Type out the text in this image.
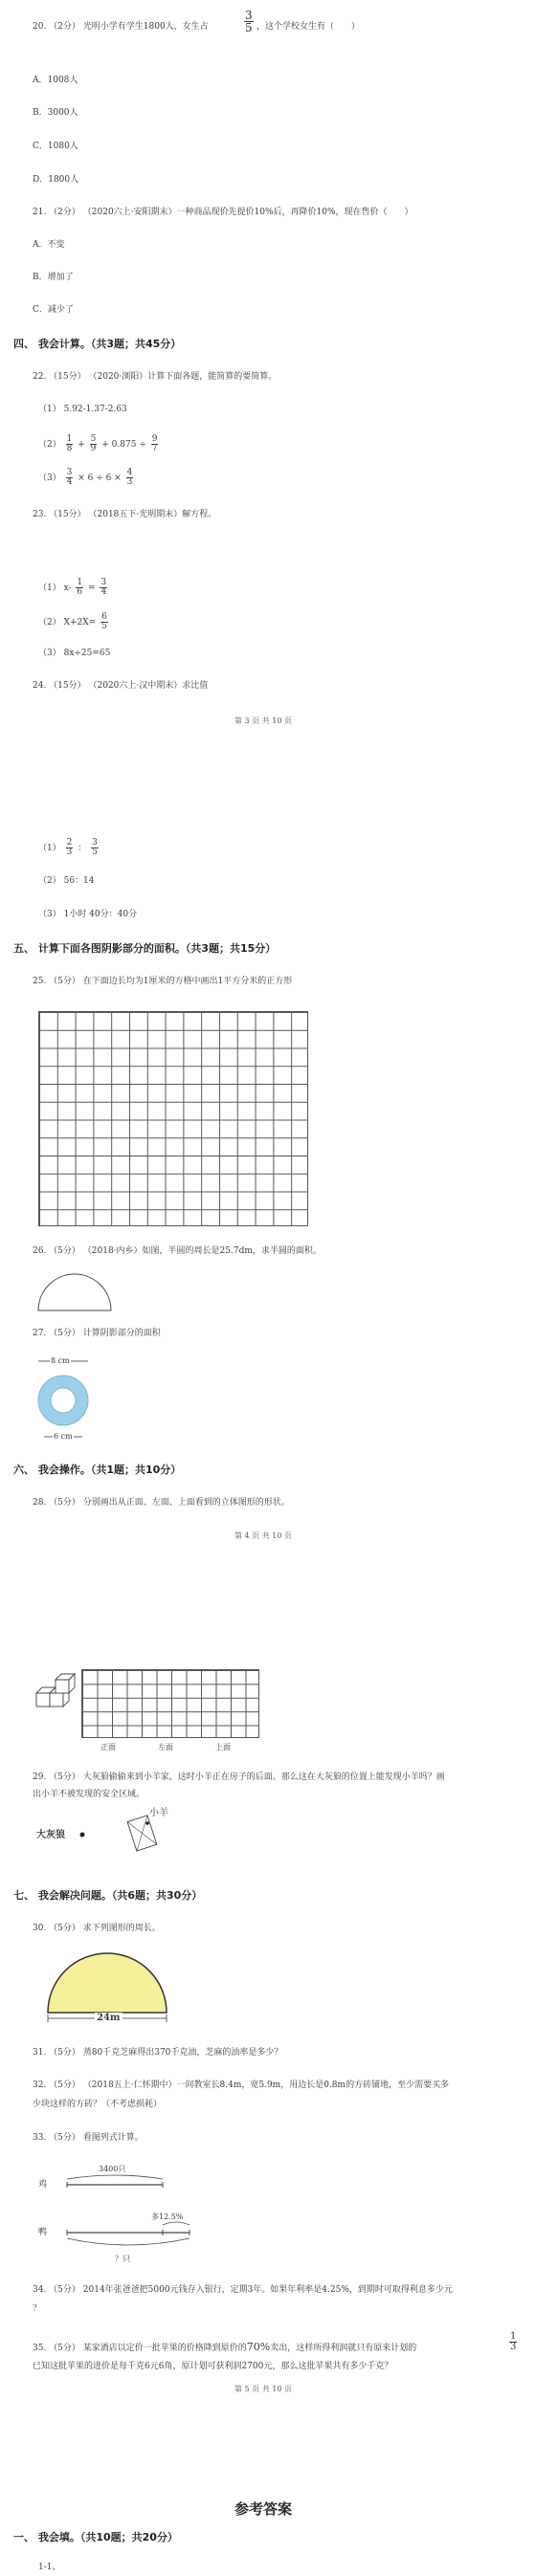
20. （2分） 光明小学有学生1800人，女生占
3
5 ，这个学校女生有（　　）
A．1008人
B．3000人
C．1080人
D．1800人
21. （2分） （2020六上·安阳期末）一种商品现价先提价10%后，再降价10%，现在售价（　　）
A．不变
B．增加了
C．减少了
四、 我会计算。（共3题；共45分）
22. （15分） （2020·浏阳）计算下面各题，能简算的要简算。
（1） 5.92-1.37-2.63
$(2) \frac{1}{8} + \frac{5}{9} + 0.875 \div \frac{9}{7}$
$(3) \frac{3}{4} \times 6 \div 6 \times \frac{4}{3}$
23. （15分） （2018五下·光明期末）解方程。
（1） $x- \frac{1}{6} = \frac{3}{4}$
（2） $X+2X= \frac{6}{5}$
（3） 8x÷25=65
24. （15分） （2020六上·汉中期末）求比值
第 3 页 共 10 页
$(1) \frac{2}{3}$ ： $\frac{3}{5}$
（2） 56：14
（3） 1小时 40分：40分
五、 计算下面各图阴影部分的面积。（共3题；共15分）
25. （5分） 在下面边长均为1厘米的方格中画出1平方分米的正方形
26. （5分） （2018·内乡）如图，半圆的周长是25.7dm，求半圆的面积。
27. （5分） 计算阴影部分的面积
8 cm
6 cm
六、 我会操作。（共1题；共10分）
28. （5分） 分别画出从正面、左面、上面看到的立体图形的形状。
第 4 页 共 10 页
正面	左面	上面
29. （5分） 大灰狼偷偷来到小羊家，这时小羊正在房子的后面。那么这在大灰狼的位置上能发现小羊吗？画
出小羊不被发现的安全区域。
大灰狼
小羊
七、 我会解决问题。（共6题；共30分）
30. （5分） 求下列图形的周长。
24m
31. （5分） 蒸80千克芝麻得出370千克油，芝麻的油率是多少？
32. （5分） （2018五上·仁怀期中）一间教室长8.4m，宽5.9m，用边长是0.8m的方砖铺地，至少需要买多
少块这样的方砖？（不考虑损耗）
33. （5分） 看图列式计算。
3400只
鸡
鸭
多12.5%
？只
34. （5分） 2014年张爸爸把5000元钱存入银行，定期3年。如果年利率是4.25%，到期时可取得利息多少元
？
35. （5分） 某家酒店以定价一批苹果的价格降到原价的70%卖出，这样所得利润就只有原来计划的
1
3
已知这批苹果的进价是每千克6元6角，原计划可获利润2700元，那么这批苹果共有多少千克？
第 5 页 共 10 页
参考答案
一、 我会填。（共10题；共20分）
1-1、
